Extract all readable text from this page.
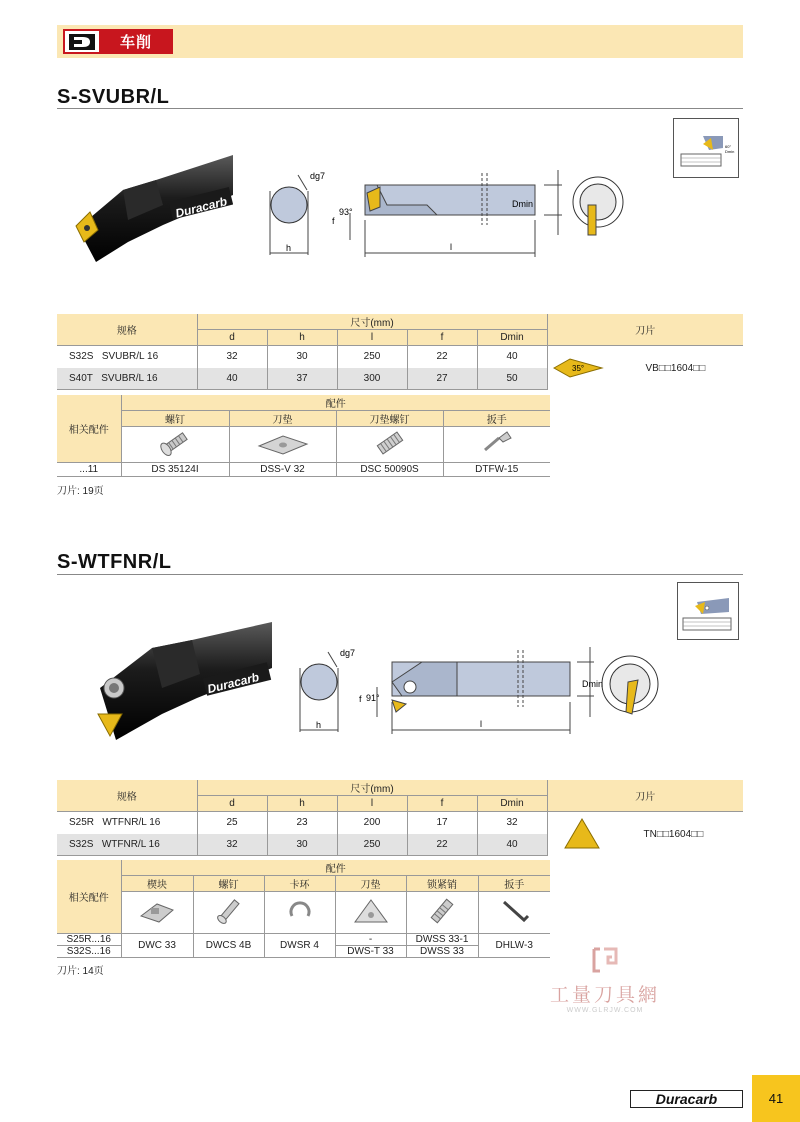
车削
S-SVUBR/L
Duracarb
dg7
h
f
93°
l
Dmin
60°
Dmin
规格	尺寸(mm)					刀片
	d	h	l	f	Dmin	
S32S SVUBR/L 16	32	30	250	22	40	35° VB□□1604□□

S40T SVUBR/L 16	40	37	300	27	50	
相关配件	配件			
	螺钉	刀垫	刀垫螺钉	扳手

...11	DS 35124I	DSS-V 32	DSC 50090S	DTFW-15
刀片: 19页
S-WTFNR/L
Duracarb
dg7
h
f 91°
l
Dmin
规格	尺寸(mm)					刀片
	d	h	l	f	Dmin	
S25R WTFNR/L 16	25	23	200	17	32	TN□□1604□□

S32S WTFNR/L 16	32	30	250	22	40	
相关配件	配件					
	楔块	螺钉	卡环	刀垫	锁紧销	扳手

S25R...16	DWC 33	DWCS 4B	DWSR 4	-	DWSS 33-1	DHLW-3
S32S...16				DWS-T 33	DWSS 33	
刀片: 14页
工量刀具網
WWW.GLRJW.COM
Duracarb	41
